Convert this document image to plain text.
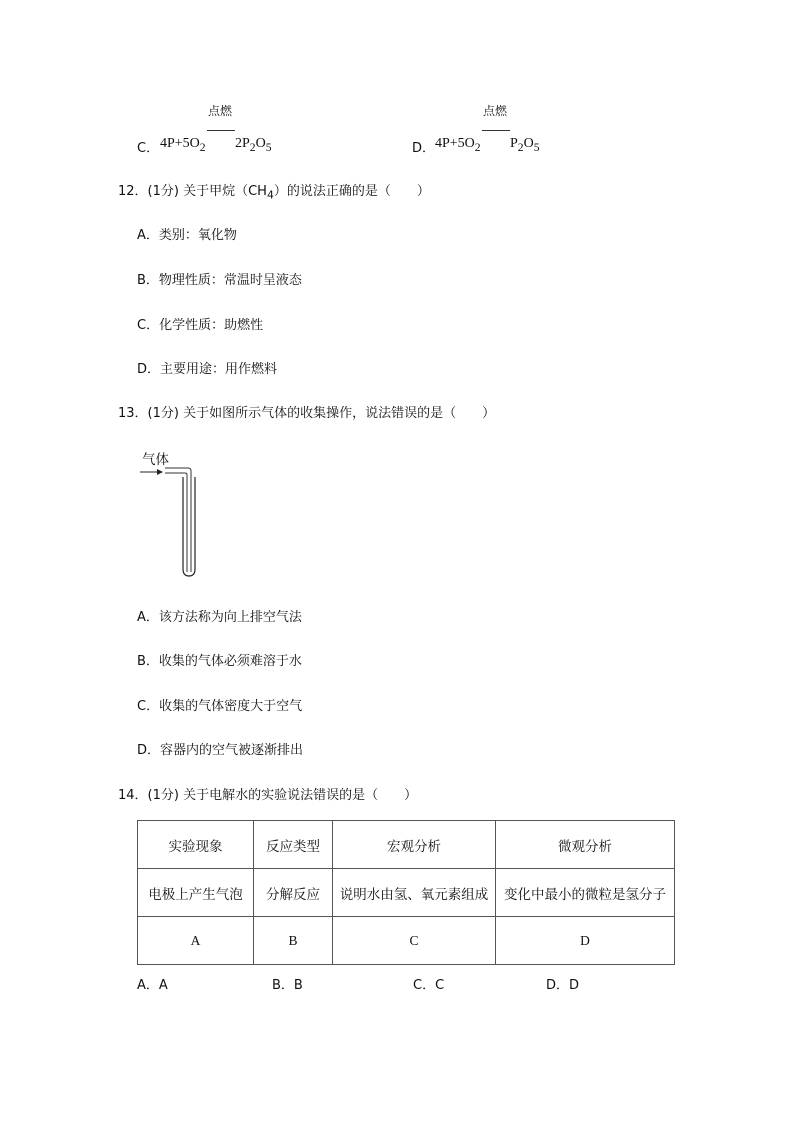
点燃
C． $4P+5O_2$ $2P_2O_5$
点燃
D． $4P+5O_2$ $P_2O_5$
12．(1分) 关于甲烷$(CH_4)$的说法正确的是（　　）
A．类别：氧化物
B．物理性质：常温时呈液态
C．化学性质：助燃性
D．主要用途：用作燃料
13．(1分) 关于如图所示气体的收集操作，说法错误的是（　　）
气体
A．该方法称为向上排空气法
B．收集的气体必须难溶于水
C．收集的气体密度大于空气
D．容器内的空气被逐渐排出
14．(1分) 关于电解水的实验说法错误的是（　　）
实验现象	反应类型	宏观分析	微观分析
电极上产生气泡	分解反应	说明水由氢、氧元素组成	变化中最小的微粒是氢分子
A	B	C	D
A．A	B．B	C．C	D．D
